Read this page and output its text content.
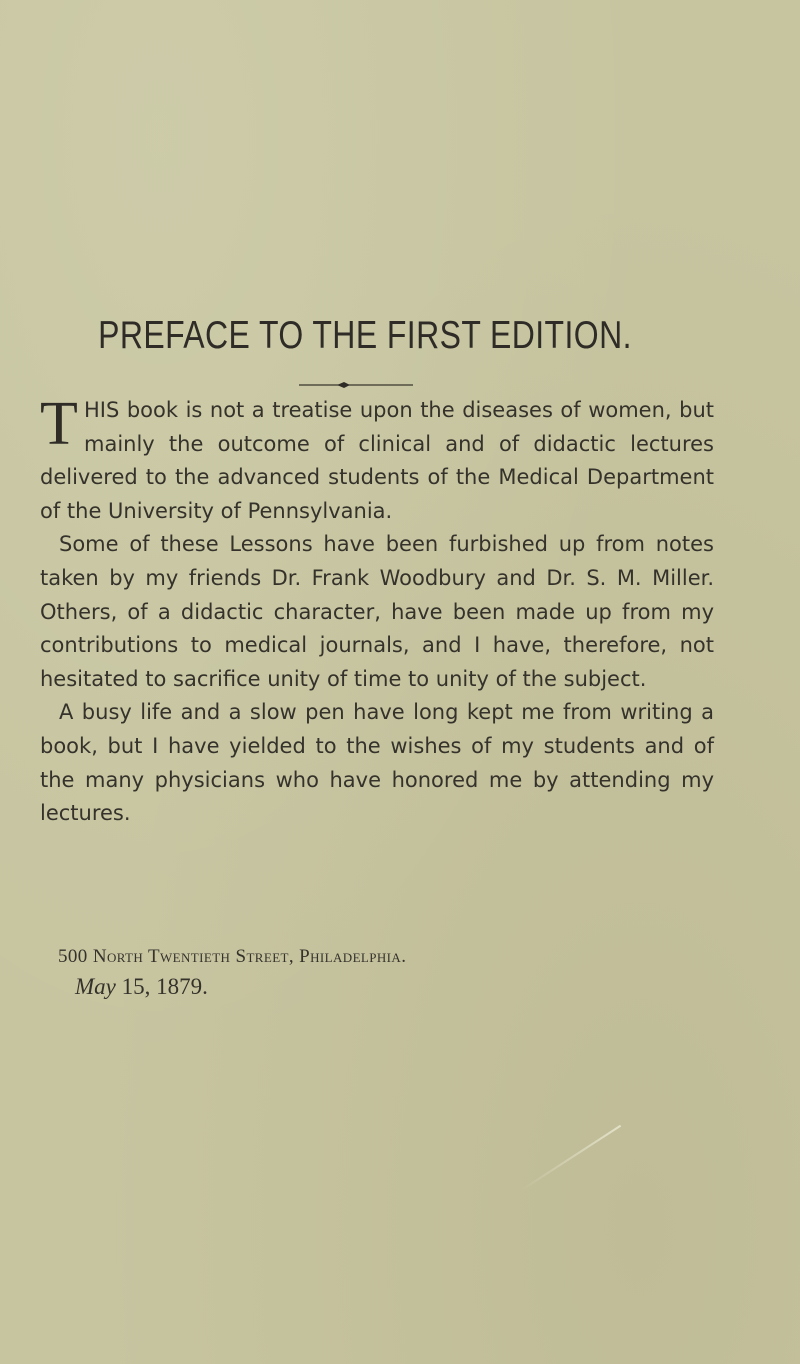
PREFACE TO THE FIRST EDITION.

THIS book is not a treatise upon the diseases of women, but mainly the outcome of clinical and of didactic lectures delivered to the advanced students of the Medical Department of the University of Pennsylvania.

Some of these Lessons have been furbished up from notes taken by my friends Dr. Frank Woodbury and Dr. S. M. Miller. Others, of a didactic character, have been made up from my contributions to medical journals, and I have, therefore, not hesitated to sacrifice unity of time to unity of the subject.

A busy life and a slow pen have long kept me from writing a book, but I have yielded to the wishes of my students and of the many physicians who have honored me by attending my lectures.

500 North Twentieth Street, Philadelphia.
May 15, 1879.
